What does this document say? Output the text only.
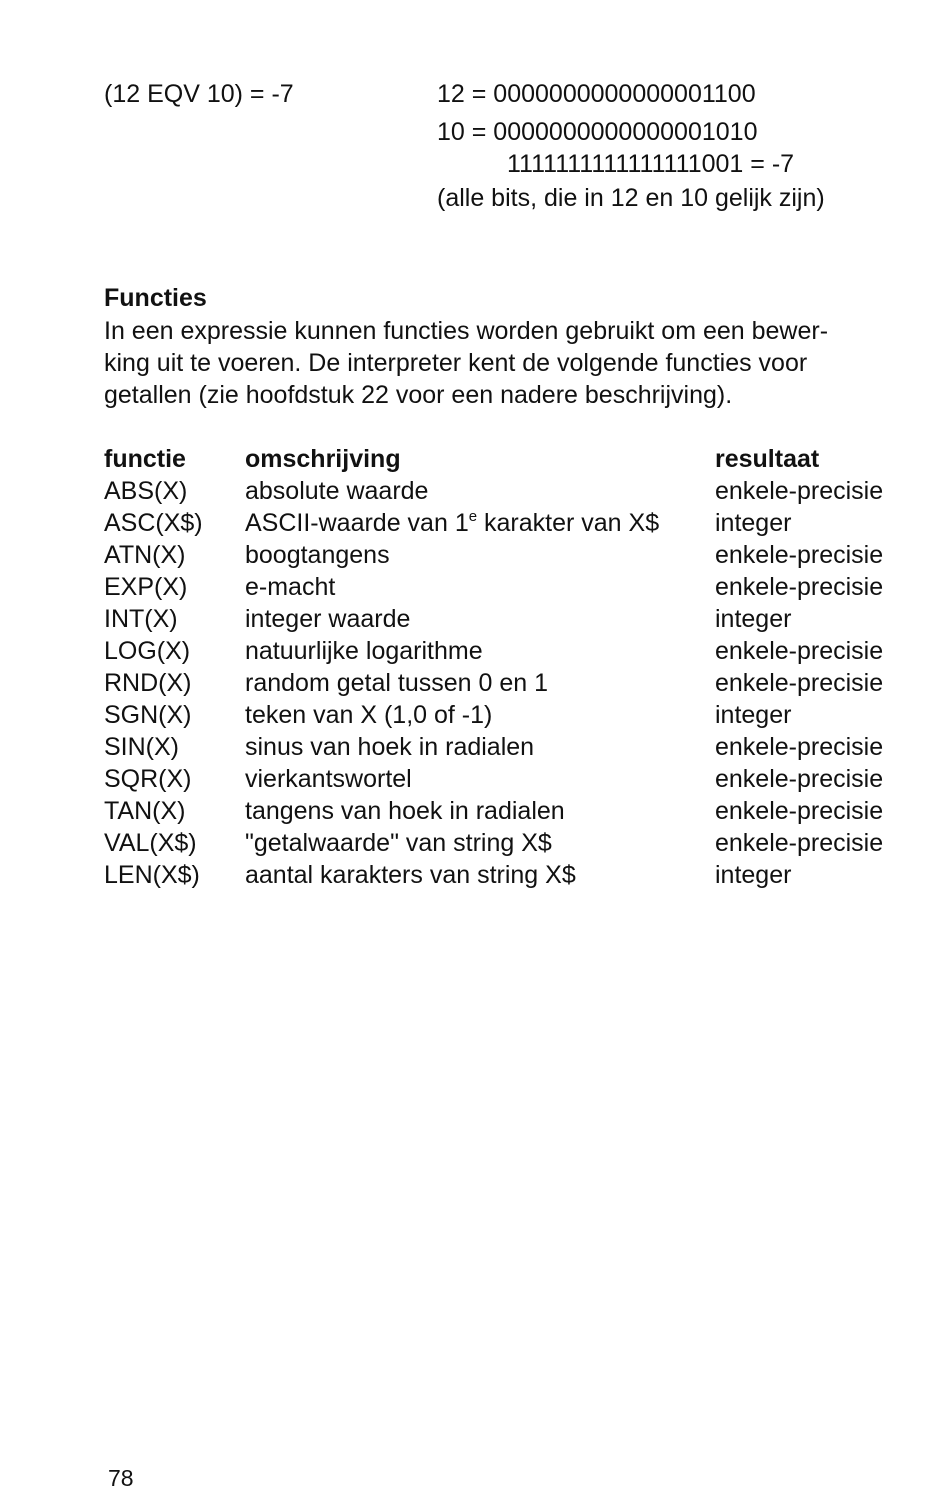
(12 EQV 10) = -7	12 = 0000000000000001100
10 = 0000000000000001010
1111111111111111001 = -7
(alle bits, die in 12 en 10 gelijk zijn)
Functies
In een expressie kunnen functies worden gebruikt om een bewer-
king uit te voeren. De interpreter kent de volgende functies voor
getallen (zie hoofdstuk 22 voor een nadere beschrijving).
functie	omschrijving	resultaat
ABS(X)	absolute waarde	enkele-precisie
ASC(X$)	ASCII-waarde van 1e karakter van X$	integer
ATN(X)	boogtangens	enkele-precisie
EXP(X)	e-macht	enkele-precisie
INT(X)	integer waarde	integer
LOG(X)	natuurlijke logarithme	enkele-precisie
RND(X)	random getal tussen 0 en 1	enkele-precisie
SGN(X)	teken van X (1,0 of -1)	integer
SIN(X)	sinus van hoek in radialen	enkele-precisie
SQR(X)	vierkantswortel	enkele-precisie
TAN(X)	tangens van hoek in radialen	enkele-precisie
VAL(X$)	"getalwaarde" van string X$	enkele-precisie
LEN(X$)	aantal karakters van string X$	integer
78
